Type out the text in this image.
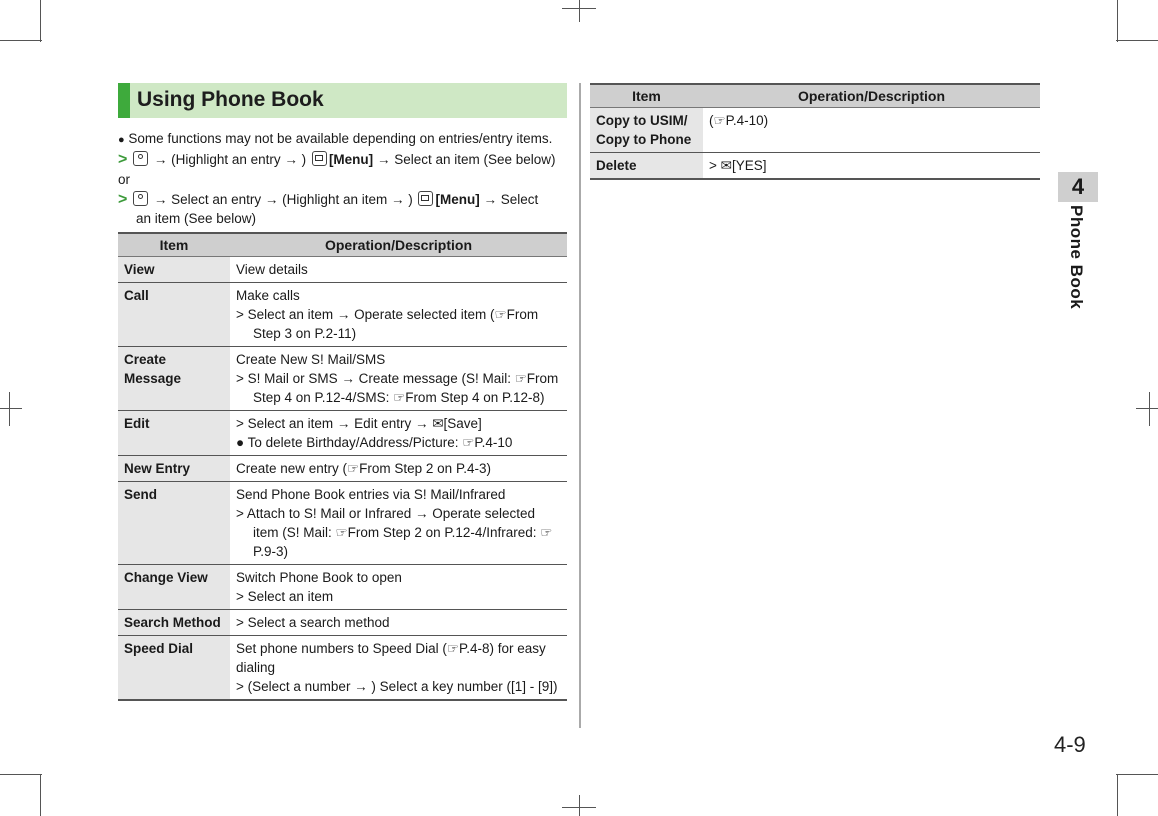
Using Phone Book
● Some functions may not be available depending on entries/entry items.
> → (Highlight an entry → ) [Menu] → Select an item (See below)
or
> → Select an entry → (Highlight an item → ) [Menu] → Select
an item (See below)
Item	Operation/Description
View	View details

Call	Make calls
> Select an item → Operate selected item (☞From Step 3 on P.2-11)

Create Message	Create New S! Mail/SMS
> S! Mail or SMS → Create message (S! Mail: ☞From Step 4 on P.12-4/SMS: ☞From Step 4 on P.12-8)

Edit	> Select an item → Edit entry → ✉[Save]
● To delete Birthday/Address/Picture: ☞P.4-10

New Entry	Create new entry (☞From Step 2 on P.4-3)

Send	Send Phone Book entries via S! Mail/Infrared
> Attach to S! Mail or Infrared → Operate selected item (S! Mail: ☞From Step 2 on P.12-4/Infrared: ☞P.9-3)

Change View	Switch Phone Book to open
> Select an item

Search Method	> Select a search method

Speed Dial	Set phone numbers to Speed Dial (☞P.4-8) for easy dialing
> (Select a number → ) Select a key number ([1] - [9])
Item	Operation/Description
Copy to USIM/ Copy to Phone	(☞P.4-10)

Delete	> ✉[YES]
4
Phone Book
4-9
